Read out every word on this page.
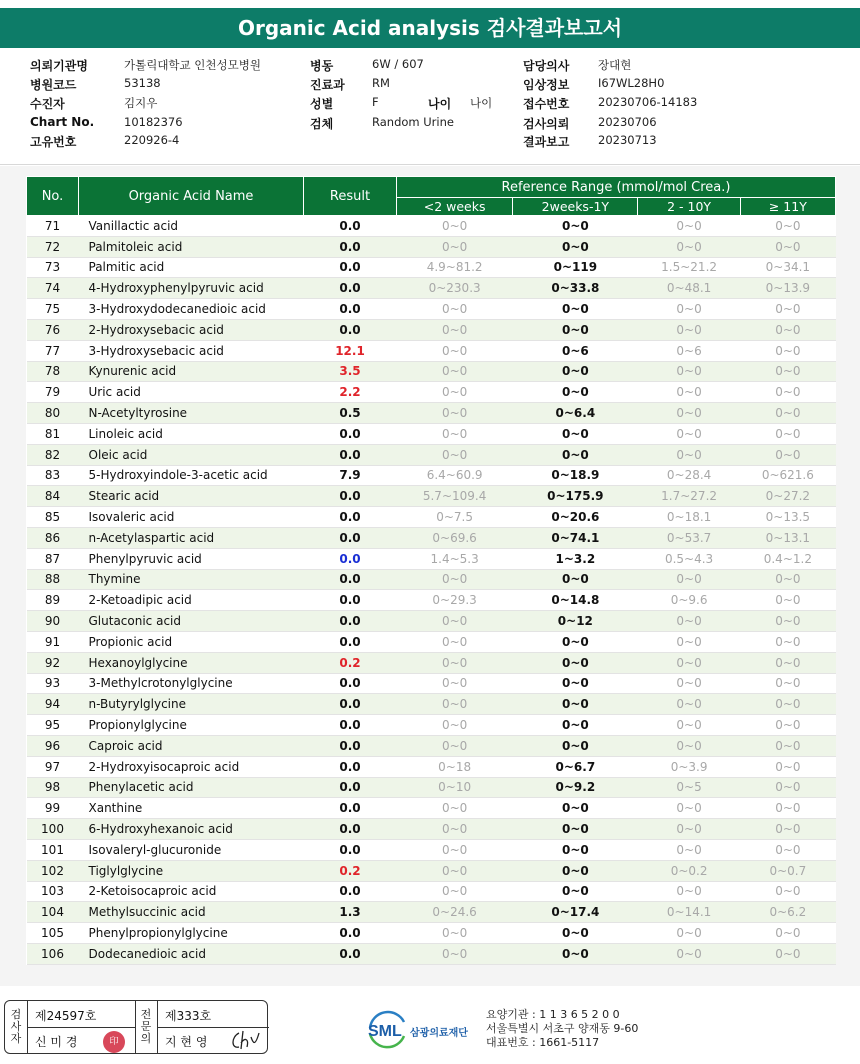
Organic Acid analysis 검사결과보고서
의뢰기관명	가톨릭대학교 인천성모병원	병동	6W / 607	담당의사 장대현
병원코드	53138	진료과 RM	임상정보 I67WL28H0
수진자	김지우	성별	F	나이 나이	접수번호 20230706-14183
Chart No.	10182376	검체	Random Urine	검사의뢰 20230706
고유번호	220926-4	결과보고 20230713
No.	Organic Acid Name	Result	Reference Range (mmol/mol Crea.)			
			<2 weeks	2weeks-1Y	2 - 10Y	≥ 11Y
71	Vanillactic acid	0.0	0~0	0~0	0~0	0~0
72	Palmitoleic acid	0.0	0~0	0~0	0~0	0~0
73	Palmitic acid	0.0	4.9~81.2	0~119	1.5~21.2	0~34.1
74	4-Hydroxyphenylpyruvic acid	0.0	0~230.3	0~33.8	0~48.1	0~13.9
75	3-Hydroxydodecanedioic acid	0.0	0~0	0~0	0~0	0~0
76	2-Hydroxysebacic acid	0.0	0~0	0~0	0~0	0~0
77	3-Hydroxysebacic acid	12.1	0~0	0~6	0~6	0~0
78	Kynurenic acid	3.5	0~0	0~0	0~0	0~0
79	Uric acid	2.2	0~0	0~0	0~0	0~0
80	N-Acetyltyrosine	0.5	0~0	0~6.4	0~0	0~0
81	Linoleic acid	0.0	0~0	0~0	0~0	0~0
82	Oleic acid	0.0	0~0	0~0	0~0	0~0
83	5-Hydroxyindole-3-acetic acid	7.9	6.4~60.9	0~18.9	0~28.4	0~621.6
84	Stearic acid	0.0	5.7~109.4	0~175.9	1.7~27.2	0~27.2
85	Isovaleric acid	0.0	0~7.5	0~20.6	0~18.1	0~13.5
86	n-Acetylaspartic acid	0.0	0~69.6	0~74.1	0~53.7	0~13.1
87	Phenylpyruvic acid	0.0	1.4~5.3	1~3.2	0.5~4.3	0.4~1.2
88	Thymine	0.0	0~0	0~0	0~0	0~0
89	2-Ketoadipic acid	0.0	0~29.3	0~14.8	0~9.6	0~0
90	Glutaconic acid	0.0	0~0	0~12	0~0	0~0
91	Propionic acid	0.0	0~0	0~0	0~0	0~0
92	Hexanoylglycine	0.2	0~0	0~0	0~0	0~0
93	3-Methylcrotonylglycine	0.0	0~0	0~0	0~0	0~0
94	n-Butyrylglycine	0.0	0~0	0~0	0~0	0~0
95	Propionylglycine	0.0	0~0	0~0	0~0	0~0
96	Caproic acid	0.0	0~0	0~0	0~0	0~0
97	2-Hydroxyisocaproic acid	0.0	0~18	0~6.7	0~3.9	0~0
98	Phenylacetic acid	0.0	0~10	0~9.2	0~5	0~0
99	Xanthine	0.0	0~0	0~0	0~0	0~0
100	6-Hydroxyhexanoic acid	0.0	0~0	0~0	0~0	0~0
101	Isovaleryl-glucuronide	0.0	0~0	0~0	0~0	0~0
102	Tiglylglycine	0.2	0~0	0~0	0~0.2	0~0.7
103	2-Ketoisocaproic acid	0.0	0~0	0~0	0~0	0~0
104	Methylsuccinic acid	1.3	0~24.6	0~17.4	0~14.1	0~6.2
105	Phenylpropionylglycine	0.0	0~0	0~0	0~0	0~0
106	Dodecanedioic acid	0.0	0~0	0~0	0~0	0~0
검사자
제24597호
신 미 경	印
전문의
제333호
지 현 영
SML 삼광의료재단
요양기관 : 1 1 3 6 5 2 0 0
서울특별시 서초구 양재동 9-60
대표번호 : 1661-5117
